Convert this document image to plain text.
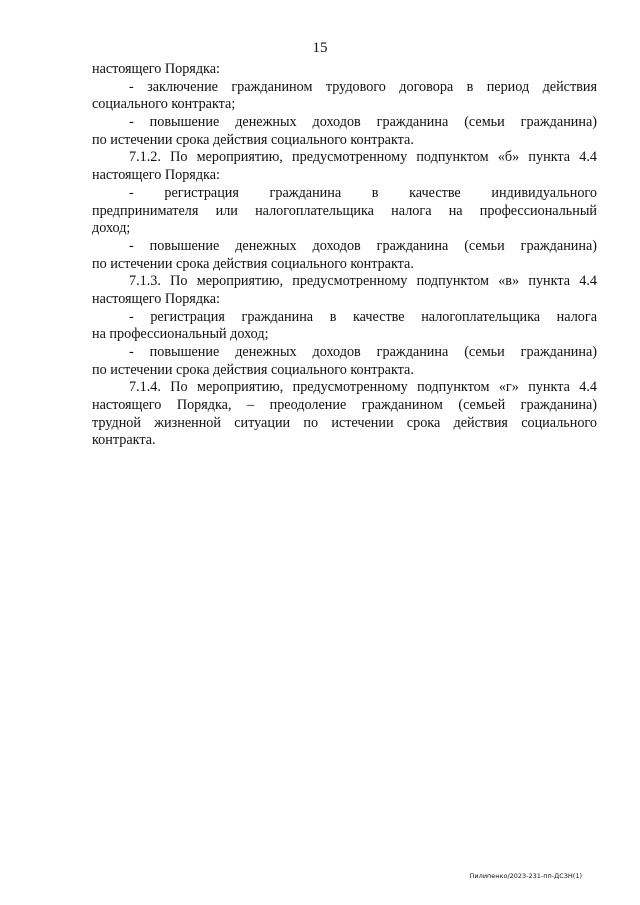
15
настоящего Порядка:
- заключение гражданином трудового договора в период действия
социального контракта;
- повышение денежных доходов гражданина (семьи гражданина)
по истечении срока действия социального контракта.
7.1.2. По мероприятию, предусмотренному подпунктом «б» пункта 4.4
настоящего Порядка:
- регистрация гражданина в качестве индивидуального
предпринимателя или налогоплательщика налога на профессиональный
доход;
- повышение денежных доходов гражданина (семьи гражданина)
по истечении срока действия социального контракта.
7.1.3. По мероприятию, предусмотренному подпунктом «в» пункта 4.4
настоящего Порядка:
- регистрация гражданина в качестве налогоплательщика налога
на профессиональный доход;
- повышение денежных доходов гражданина (семьи гражданина)
по истечении срока действия социального контракта.
7.1.4. По мероприятию, предусмотренному подпунктом «г» пункта 4.4
настоящего Порядка, – преодоление гражданином (семьей гражданина)
трудной жизненной ситуации по истечении срока действия социального
контракта.
Пилипенко/2023-231-пп-ДСЗН(1)
